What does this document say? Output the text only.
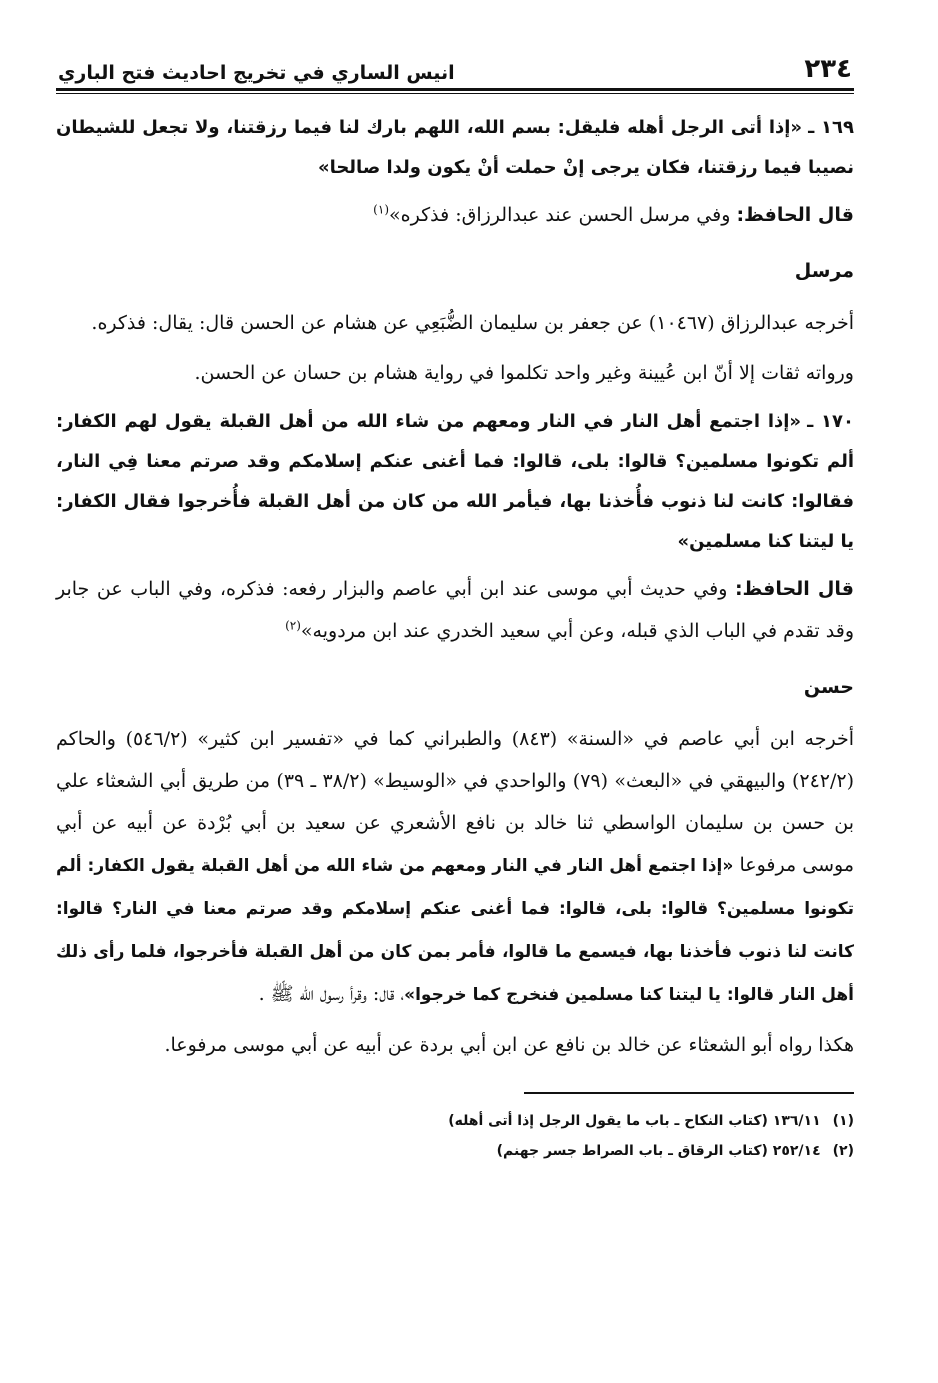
٢٣٤
انيس الساري في تخريج احاديث فتح الباري

١٦٩ ـ«إذا أتى الرجل أهله فليقل: بسم الله، اللهم بارك لنا فيما رزقتنا، ولا تجعل للشيطان نصيبا فيما رزقتنا، فكان يرجى إنْ حملت أنْ يكون ولدا صالحا»

قال الحافظ: وفي مرسل الحسن عند عبدالرزاق: فذكره»$^{(١)}$

مرسل

أخرجه عبدالرزاق (١٠٤٦٧) عن جعفر بن سليمان الضُّبَعِي عن هشام عن الحسن قال: يقال: فذكره.

ورواته ثقات إلا أنّ ابن عُيينة وغير واحد تكلموا في رواية هشام بن حسان عن الحسن.

١٧٠ ـ«إذا اجتمع أهل النار في النار ومعهم من شاء الله من أهل القبلة يقول لهم الكفار: ألم تكونوا مسلمين؟ قالوا: بلى، قالوا: فما أغنى عنكم إسلامكم وقد صرتم معنا فِي النار، فقالوا: كانت لنا ذنوب فأُخذنا بها، فيأمر الله من كان من أهل القبلة فأُخرجوا فقال الكفار: يا ليتنا كنا مسلمين»

قال الحافظ: وفي حديث أبي موسى عند ابن أبي عاصم والبزار رفعه: فذكره، وفي الباب عن جابر وقد تقدم في الباب الذي قبله، وعن أبي سعيد الخدري عند ابن مردويه»$^{(٢)}$

حسن

أخرجه ابن أبي عاصم في «السنة» (٨٤٣) والطبراني كما في «تفسير ابن كثير» (٥٤٦/٢) والحاكم (٢٤٢/٢) والبيهقي في «البعث» (٧٩) والواحدي في «الوسيط» (٣٨/٢ ـ ٣٩) من طريق أبي الشعثاء علي بن حسن بن سليمان الواسطي ثنا خالد بن نافع الأشعري عن سعيد بن أبي بُرْدة عن أبيه عن أبي موسى مرفوعا «إذا اجتمع أهل النار في النار ومعهم من شاء الله من أهل القبلة يقول الكفار: ألم تكونوا مسلمين؟ قالوا: بلى، قالوا: فما أغنى عنكم إسلامكم وقد صرتم معنا في النار؟ قالوا: كانت لنا ذنوب فأخذنا بها، فيسمع ما قالوا، فأمر بمن كان من أهل القبلة فأخرجوا، فلما رأى ذلك أهل النار قالوا: يا ليتنا كنا مسلمين فنخرج كما خرجوا»، قال: وقرأ رسول الله ﷺ .

هكذا رواه أبو الشعثاء عن خالد بن نافع عن ابن أبي بردة عن أبيه عن أبي موسى مرفوعا.

(١)١٣٦/١١ (كتاب النكاح ـ باب ما يقول الرجل إذا أتى أهله)
(٢)٢٥٢/١٤ (كتاب الرقاق ـ باب الصراط جسر جهنم)
